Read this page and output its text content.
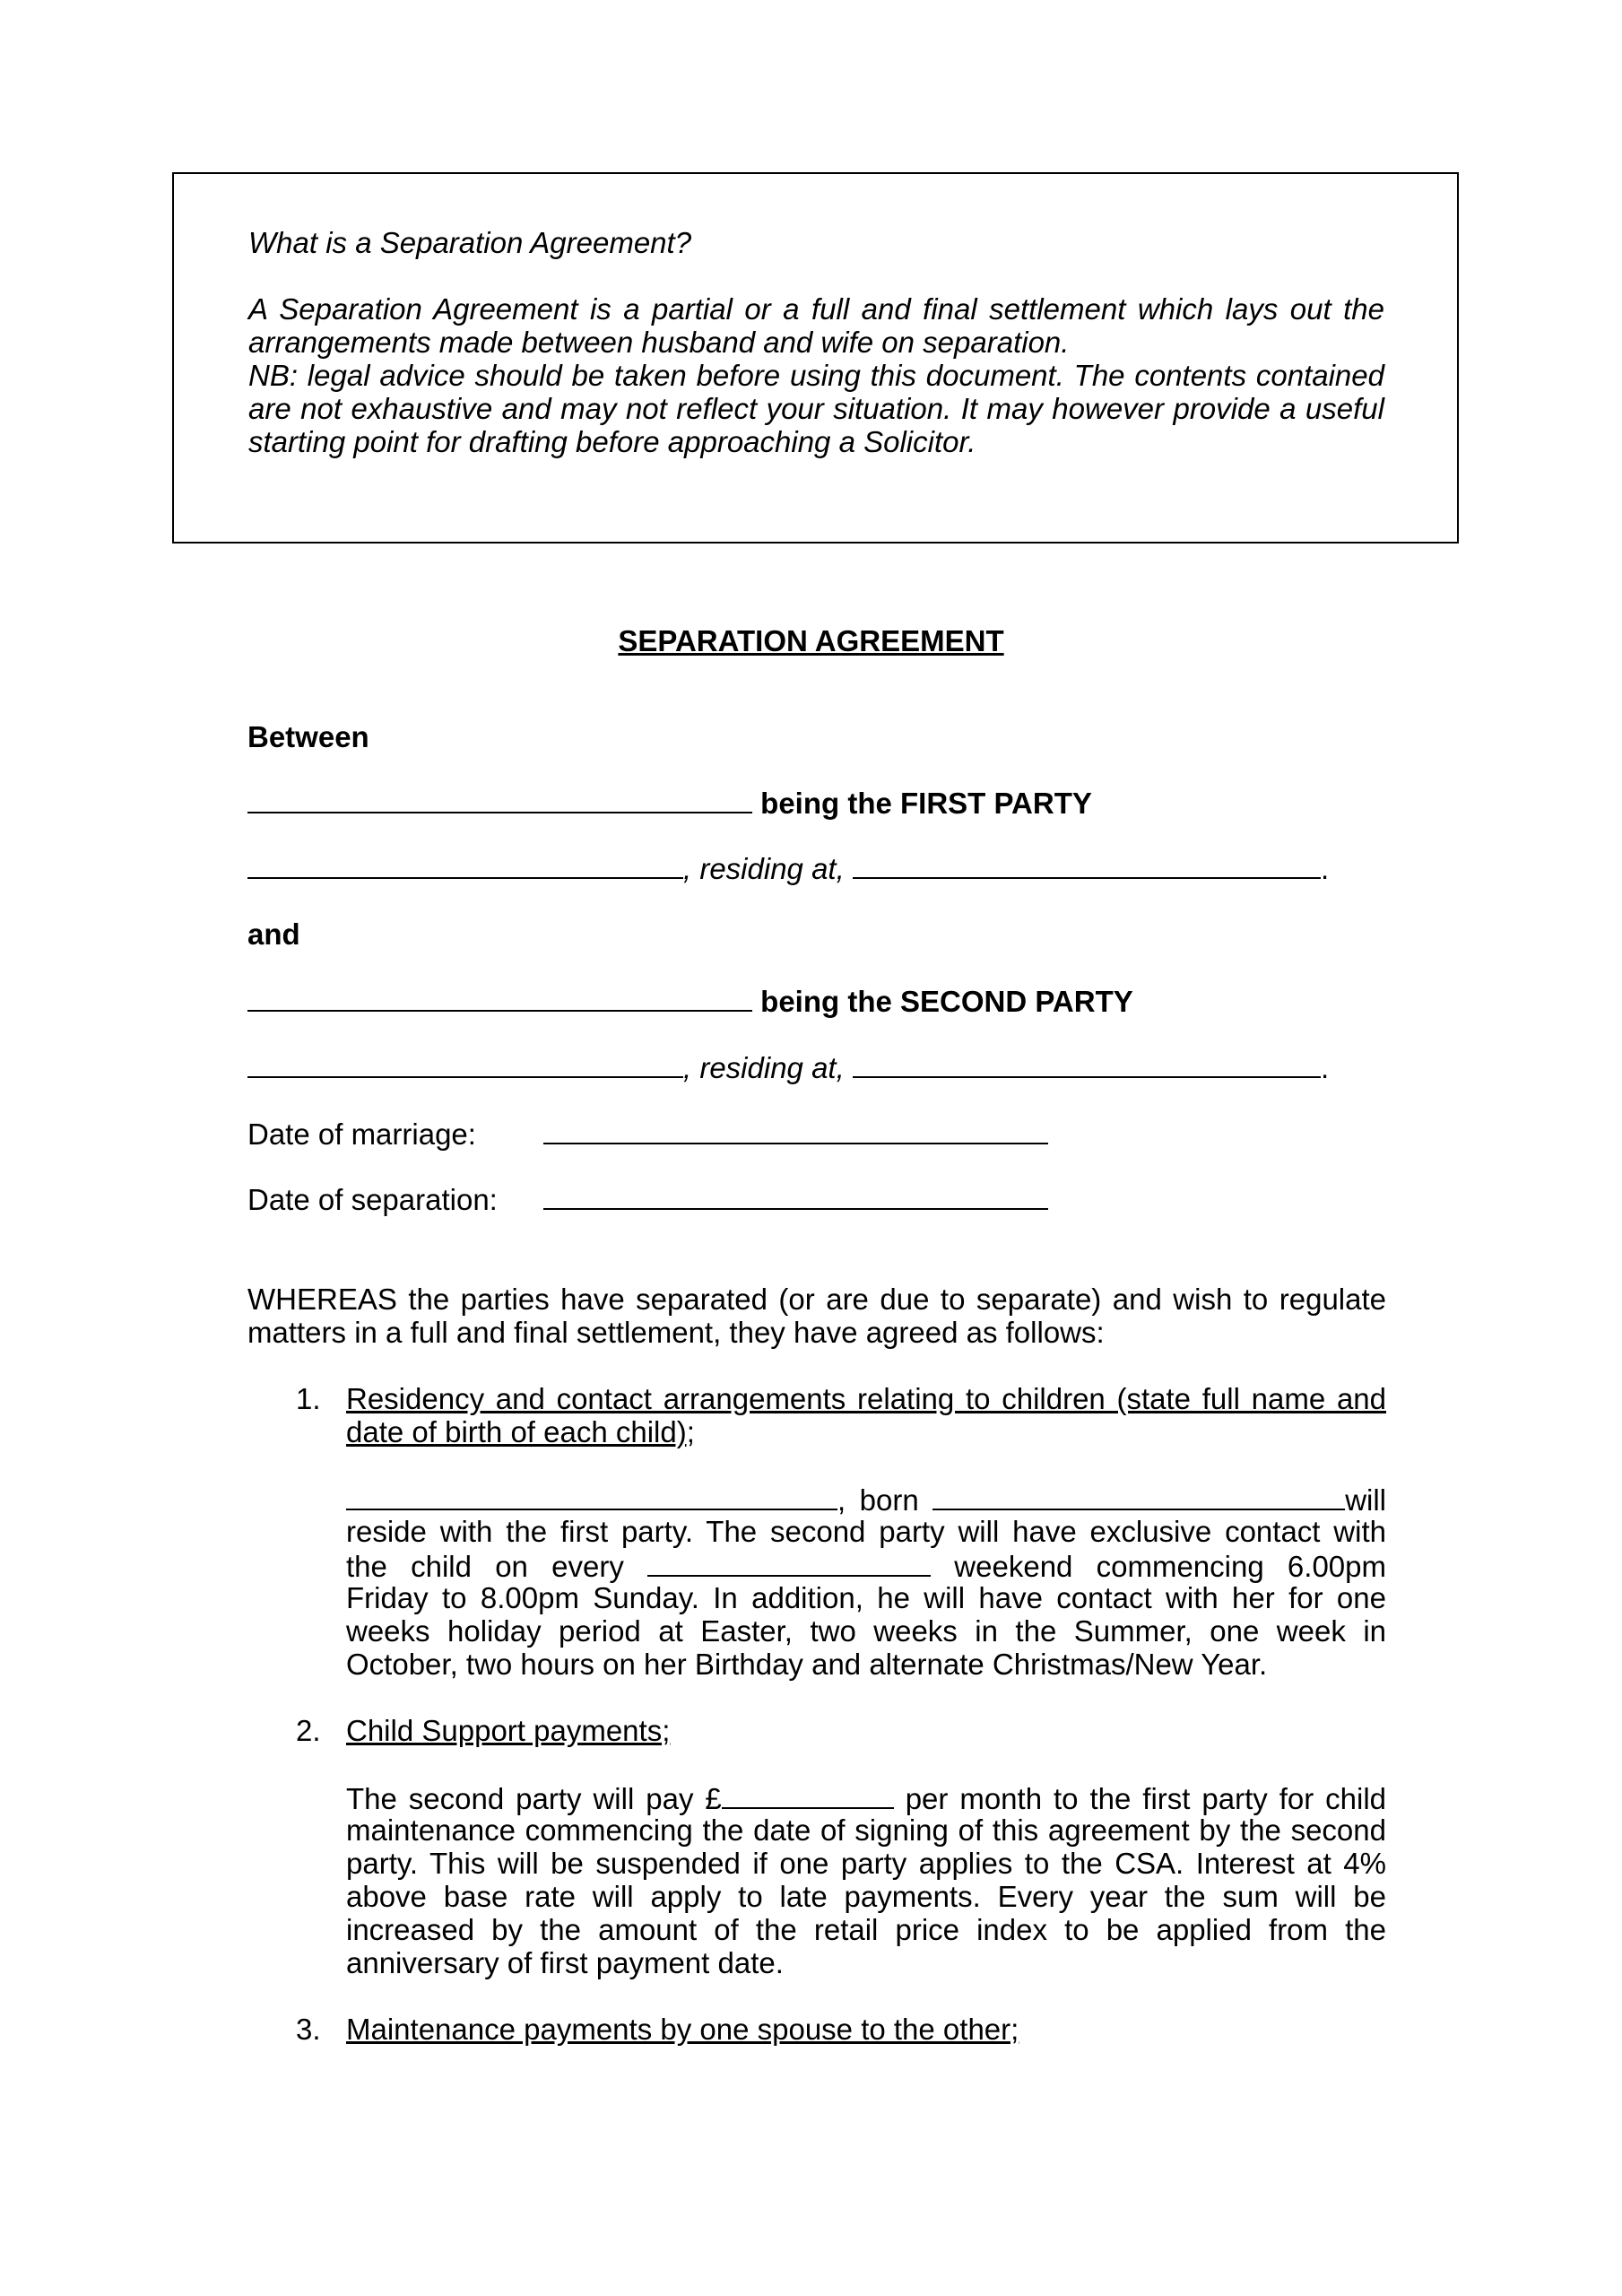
What is a Separation Agreement?

A Separation Agreement is a partial or a full and final settlement which lays out the arrangements made between husband and wife on separation.

NB: legal advice should be taken before using this document. The contents contained are not exhaustive and may not reflect your situation. It may however provide a useful starting point for drafting before approaching a Solicitor.

SEPARATION AGREEMENT

Between

being the FIRST PARTY

, residing at,	.

and

being the SECOND PARTY

, residing at,	.

Date of marriage:

Date of separation:

WHEREAS the parties have separated (or are due to separate) and wish to regulate matters in a full and final settlement, they have agreed as follows:

1. Residency and contact arrangements relating to children (state full name and date of birth of each child);

, born	will

reside with the first party. The second party will have exclusive contact with

the child on every	weekend commencing 6.00pm

Friday to 8.00pm Sunday. In addition, he will have contact with her for one weeks holiday period at Easter, two weeks in the Summer, one week in October, two hours on her Birthday and alternate Christmas/New Year.

2. Child Support payments;

The second party will pay £	per month to the first party for child

maintenance commencing the date of signing of this agreement by the second party. This will be suspended if one party applies to the CSA. Interest at 4% above base rate will apply to late payments. Every year the sum will be increased by the amount of the retail price index to be applied from the anniversary of first payment date.

3. Maintenance payments by one spouse to the other;
